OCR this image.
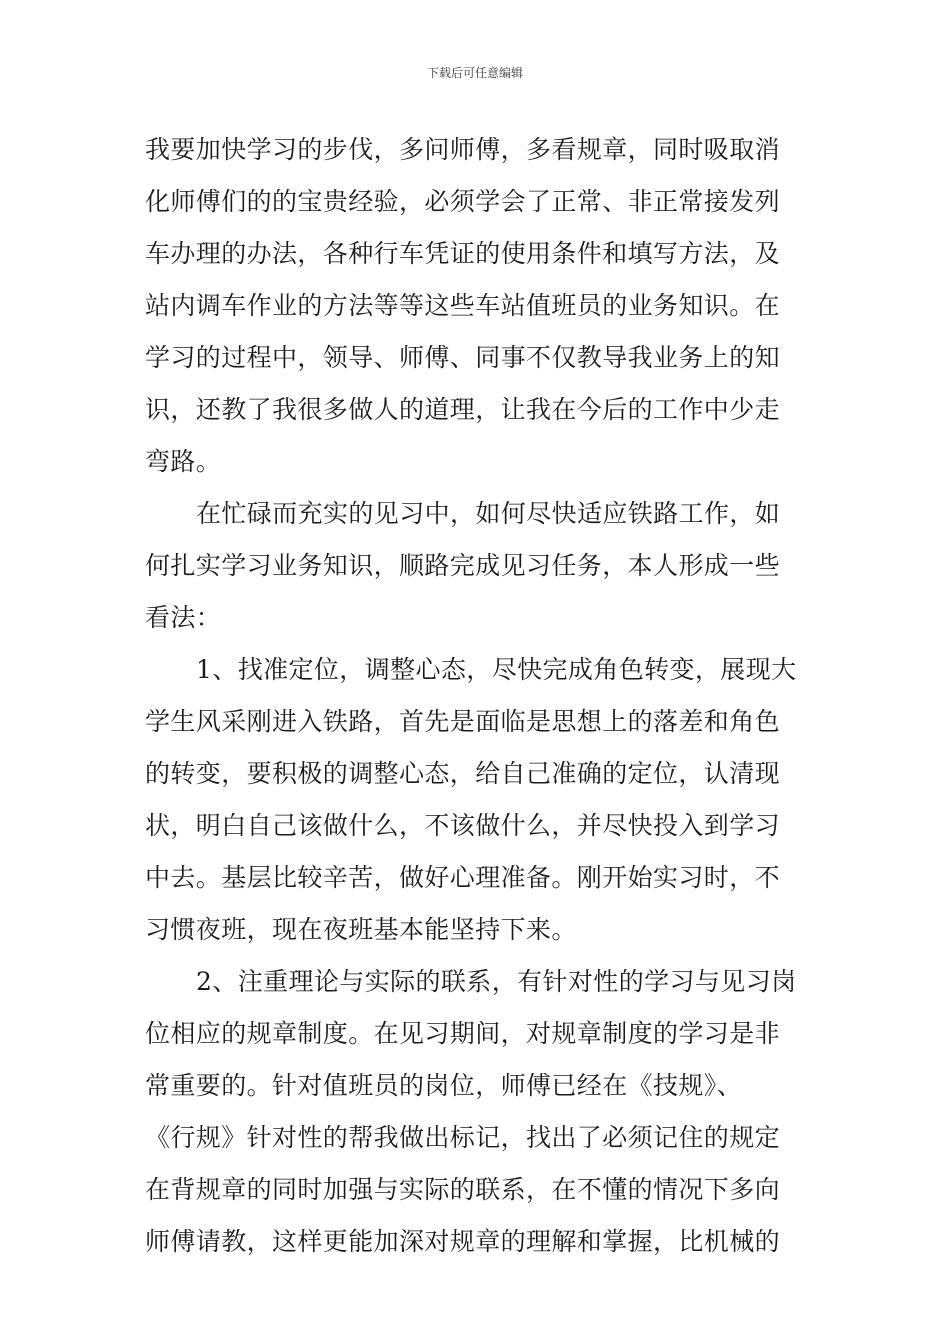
下载后可任意编辑
我要加快学习的步伐，多问师傅，多看规章，同时吸取消
化师傅们的的宝贵经验，必须学会了正常、非正常接发列
车办理的办法，各种行车凭证的使用条件和填写方法，及
站内调车作业的方法等等这些车站值班员的业务知识。在
学习的过程中，领导、师傅、同事不仅教导我业务上的知
识，还教了我很多做人的道理，让我在今后的工作中少走
弯路。
在忙碌而充实的见习中，如何尽快适应铁路工作，如
何扎实学习业务知识，顺路完成见习任务，本人形成一些
看法：
1、找准定位，调整心态，尽快完成角色转变，展现大
学生风采刚进入铁路，首先是面临是思想上的落差和角色
的转变，要积极的调整心态，给自己准确的定位，认清现
状，明白自己该做什么，不该做什么，并尽快投入到学习
中去。基层比较辛苦，做好心理准备。刚开始实习时，不
习惯夜班，现在夜班基本能坚持下来。
2、注重理论与实际的联系，有针对性的学习与见习岗
位相应的规章制度。在见习期间，对规章制度的学习是非
常重要的。针对值班员的岗位，师傅已经在《技规》、
《行规》针对性的帮我做出标记，找出了必须记住的规定
在背规章的同时加强与实际的联系，在不懂的情况下多向
师傅请教，这样更能加深对规章的理解和掌握，比机械的
